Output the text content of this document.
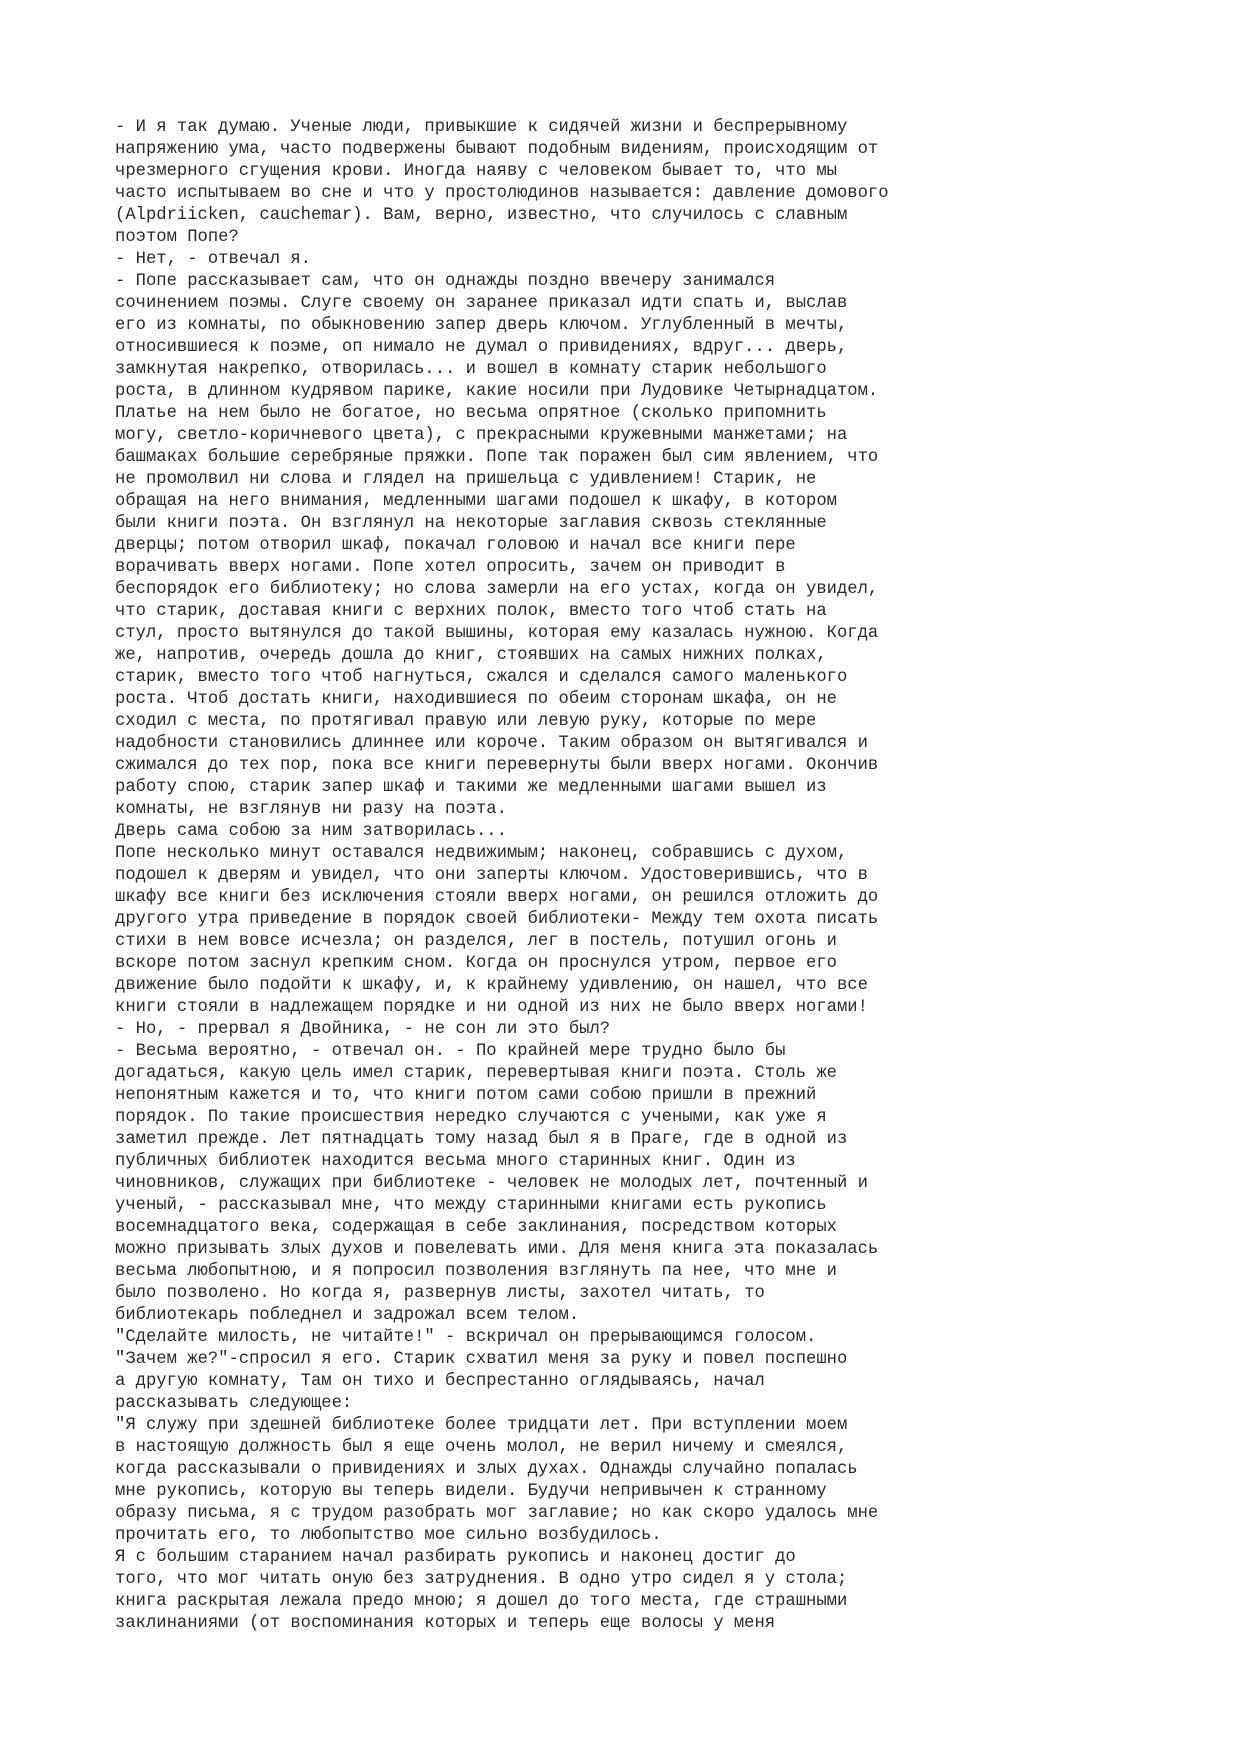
- И я так думаю. Ученые люди, привыкшие к сидячей жизни и беспрерывному
напряжению ума, часто подвержены бывают подобным видениям, происходящим от
чрезмерного сгущения крови. Иногда наяву с человеком бывает то, что мы
часто испытываем во сне и что у простолюдинов называется: давление домового
(Alpdriicken, cauchemar). Вам, верно, известно, что случилось с славным
поэтом Попе?
- Нет, - отвечал я.
- Попе рассказывает сам, что он однажды поздно ввечеру занимался
сочинением поэмы. Слуге своему он заранее приказал идти спать и, выслав
его из комнаты, по обыкновению запер дверь ключом. Углубленный в мечты,
относившиеся к поэме, оп нимало не думал о привидениях, вдруг... дверь,
замкнутая накрепко, отворилась... и вошел в комнату старик небольшого
роста, в длинном кудрявом парике, какие носили при Лудовике Четырнадцатом.
Платье на нем было не богатое, но весьма опрятное (сколько припомнить
могу, светло-коричневого цвета), с прекрасными кружевными манжетами; на
башмаках большие серебряные пряжки. Попе так поражен был сим явлением, что
не промолвил ни слова и глядел на пришельца с удивлением! Старик, не
обращая на него внимания, медленными шагами подошел к шкафу, в котором
были книги поэта. Он взглянул на некоторые заглавия сквозь стеклянные
дверцы; потом отворил шкаф, покачал головою и начал все книги пере
ворачивать вверх ногами. Попе хотел опросить, зачем он приводит в
беспорядок его библиотеку; но слова замерли на его устах, когда он увидел,
что старик, доставая книги с верхних полок, вместо того чтоб стать на
стул, просто вытянулся до такой вышины, которая ему казалась нужною. Когда
же, напротив, очередь дошла до книг, стоявших на самых нижних полках,
старик, вместо того чтоб нагнуться, сжался и сделался самого маленького
роста. Чтоб достать книги, находившиеся по обеим сторонам шкафа, он не
сходил с места, по протягивал правую или левую руку, которые по мере
надобности становились длиннее или короче. Таким образом он вытягивался и
сжимался до тех пор, пока все книги перевернуты были вверх ногами. Окончив
работу спою, старик запер шкаф и такими же медленными шагами вышел из
комнаты, не взглянув ни разу на поэта.
Дверь сама собою за ним затворилась...
Попе несколько минут оставался недвижимым; наконец, собравшись с духом,
подошел к дверям и увидел, что они заперты ключом. Удостоверившись, что в
шкафу все книги без исключения стояли вверх ногами, он решился отложить до
другого утра приведение в порядок своей библиотеки- Между тем охота писать
стихи в нем вовсе исчезла; он разделся, лег в постель, потушил огонь и
вскоре потом заснул крепким сном. Когда он проснулся утром, первое его
движение было подойти к шкафу, и, к крайнему удивлению, он нашел, что все
книги стояли в надлежащем порядке и ни одной из них не было вверх ногами!
- Но, - прервал я Двойника, - не сон ли это был?
- Весьма вероятно, - отвечал он. - По крайней мере трудно было бы
догадаться, какую цель имел старик, перевертывая книги поэта. Столь же
непонятным кажется и то, что книги потом сами собою пришли в прежний
порядок. По такие происшествия нередко случаются с учеными, как уже я
заметил прежде. Лет пятнадцать тому назад был я в Праге, где в одной из
публичных библиотек находится весьма много старинных книг. Один из
чиновников, служащих при библиотеке - человек не молодых лет, почтенный и
ученый, - рассказывал мне, что между старинными книгами есть рукопись
восемнадцатого века, содержащая в себе заклинания, посредством которых
можно призывать злых духов и повелевать ими. Для меня книга эта показалась
весьма любопытною, и я попросил позволения взглянуть па нее, что мне и
было позволено. Но когда я, развернув листы, захотел читать, то
библиотекарь побледнел и задрожал всем телом.
"Сделайте милость, не читайте!" - вскричал он прерывающимся голосом.
"Зачем же?"-спросил я его. Старик схватил меня за руку и повел поспешно
а другую комнату, Там он тихо и беспрестанно оглядываясь, начал
рассказывать следующее:
"Я служу при здешней библиотеке более тридцати лет. При вступлении моем
в настоящую должность был я еще очень молол, не верил ничему и смеялся,
когда рассказывали о привидениях и злых духах. Однажды случайно попалась
мне рукопись, которую вы теперь видели. Будучи непривычен к странному
образу письма, я с трудом разобрать мог заглавие; но как скоро удалось мне
прочитать его, то любопытство мое сильно возбудилось.
Я с большим старанием начал разбирать рукопись и наконец достиг до
того, что мог читать оную без затруднения. В одно утро сидел я у стола;
книга раскрытая лежала предо мною; я дошел до того места, где страшными
заклинаниями (от воспоминания которых и теперь еще волосы у меня
